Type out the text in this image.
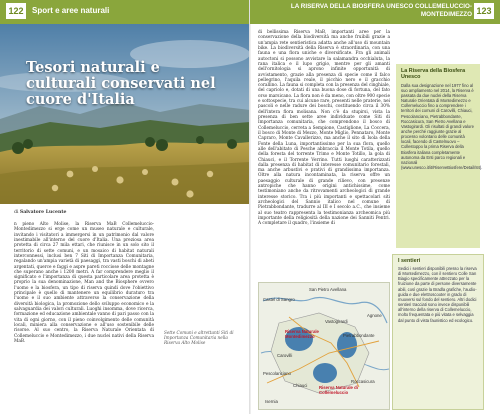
122	Sport e aree naturali
Tesori naturali e culturali conservati nel cuore d'Italia
di Salvatore Lucente

n pieno Alto Molise, la Riserva MaB Collemeluccio-Montedimezzo si erge come un museo naturale e culturale, invitando i visitatori a immergersi in un patrimonio dal valore inestimabile all'interno del cuore d'Italia. Una preziosa area protetta di circa 27 mila ettari, che riunisce in un solo sito il territorio di sette comuni, e un mosaico di habitat naturali interconnessi, inclusi ben 7 Siti di Importanza Comunitaria, regalando un'ampia varietà di paesaggi, tra vasti boschi di abeti argentati, querce e faggi e aspre pareti rocciose delle montagne che superano anche i 1200 metri. A far comprendere meglio il significato e l'importanza di questa particolare area protetta è proprio la sua denominazione, Man and the Biosphere ovvero l'uomo e la biosfera, un tipo di riserva quindi dove l'obiettivo principale è quello di mantenere un equilibrio duraturo tra l'uomo e il suo ambiente attraverso la conservazione della diversità biologica, la promozione dello sviluppo economico e la salvaguardia dei valori culturali. Luoghi insomma, dove ricerca, formazione ed educazione ambientale vanno di pari passo con la vita di ogni giorno, con il pieno coinvolgimento delle comunità locali, miniera alla conservazione e all'uso sostenibile delle risorse. Al suo centro, la Riserva Naturale Orientata di Collemeluccio e Montedimezzo, i due nuclei nativi della Riserva MaB.

Sette Comuni e altrettanti Siti di Importanza Comunitaria nella Riserva Alto Molise
LA RISERVA DELLA BIOSFERA UNESCO COLLEMELUCCIO-MONTEDIMEZZO 123

di bellissima Riserva MaB, importanti aree per la conservazione della biodiversità ma anche fruibili grazie a un'ampia rete sentieristica adatta anche all'uso di mountain bike. La biodiversità della Riserva è straordinaria, con una fauna e una flora uniche e diversificate. Fra gli animali autoctoni si possono avvistare la salamandra occhialuta, la rana italica e il lupo grigio, mentre per gli amanti dell'ornitologia si aprono infinite opportunità di avvistamento, grazie alla presenza di specie come il falco pellegrino, l'aquila reale, il picchio nero e il gracchio corallino. La fauna si completa con la presenza del cinghiale, del capriolo e, dotati di una buona dose di fortuna, del fato orso marsicano. La flora non è da meno, con oltre 900 specie e sottospecie, tra cui alcune rare, presenti nelle praterie, nei pascoli e nelle radure dei boschi, costituendo circa il 30% dell'intera flora molisana. Non c'è da stupirsi, vista la presenza di ben sette aree individuate come Siti di Importanza comunitaria, che comprendono il bosco di Collemeluccio, cerreta a Sempione, Castiglione, La Coccera, il bosco di Monte di Mezzo, Monte Miglio, Pennataro, Monte Capraro, Monte Cavallerizzo, ma anche il sito di Isola della Fonte della Luna, importantissimo per la sua flora, quello alle dell'abitato di Pesche abbraccia il Monte Totila, quello della foresta del torrente Trimo e Monte Totillo, la gola di Chiauci, e il Torrente Verrino. Tutti luoghi caratterizzati dalla presenza di habitat di interesse comunitario forestali, ma anche arbustivi e prativi di grandissima importanza. Oltre alla natura incontaminata, la riserva offre un paesaggio culturale di grande rilievo, con presenze antropiche che hanno origini antichissime, come testimoniano anche da ritrovamenti archeologici di grande interesse storico. Tra i più importanti e spettacolari siti archeologici del Sannio italico nel comune di Pietrabbondante, tradurre al III e I secolo a.C., che insieme al suo teatro rappresenta la testimonianza archeomica più importante della religiosità della nazione dei Sanniti Pentri. A completare il quadro, l'insieme di

La Riserva della Biosfera Unesco

Dalla sua designazione nel 1977 fino al suo ampliamento nel 2014, la Riserva è passata da due nuclei della Riserva Naturale Orientata di Montedimezzo e Collemeluccio fino a comprendere i territori dei comuni di Carovilli, Chiauci, Pescolanciano, Pietrabbondante, Roccasicura, San Pietro Avellana e Vastogirardi. Gli risultati di grandi valore anche perché raggiunte grazie al processo volontario delle comunità locali, facendo di Castelnuovo – Collestoppo la prima Riserva della Biosfera italiana completamente autonoma da Enti parco regionali e nazionali (www.unesco.it/it/RiserveBiosfere/Detail/84).

I sentieri

Sedici i sentieri disponibili presso la riserva di Montedimezzo, con il sentiero Colle San Biagio specificamente attrezzato per la fruizione da parte di persone diversamente abili, così grazie la Bradla grafiche, l'audio-guida e due elettroscooter in grado di muoversi sul fondo del sentiero. Altri dodici sentieri tracciati sono invece disponibili all'interno della riserva di Collemeluccio, molto frequentata e più vitata e selvaggia dal punto di vista faunistico ed ecologico.

San Pietro Avellana
Castel di Sangro
Riserva Naturale Montedimezzo
Vastogirardi
Carovilli
Pescolanciano
Roccasicura
Chiauci	Riserva Naturale di Collemeluccio
Pietrabbondante
Agnone
Isernia
